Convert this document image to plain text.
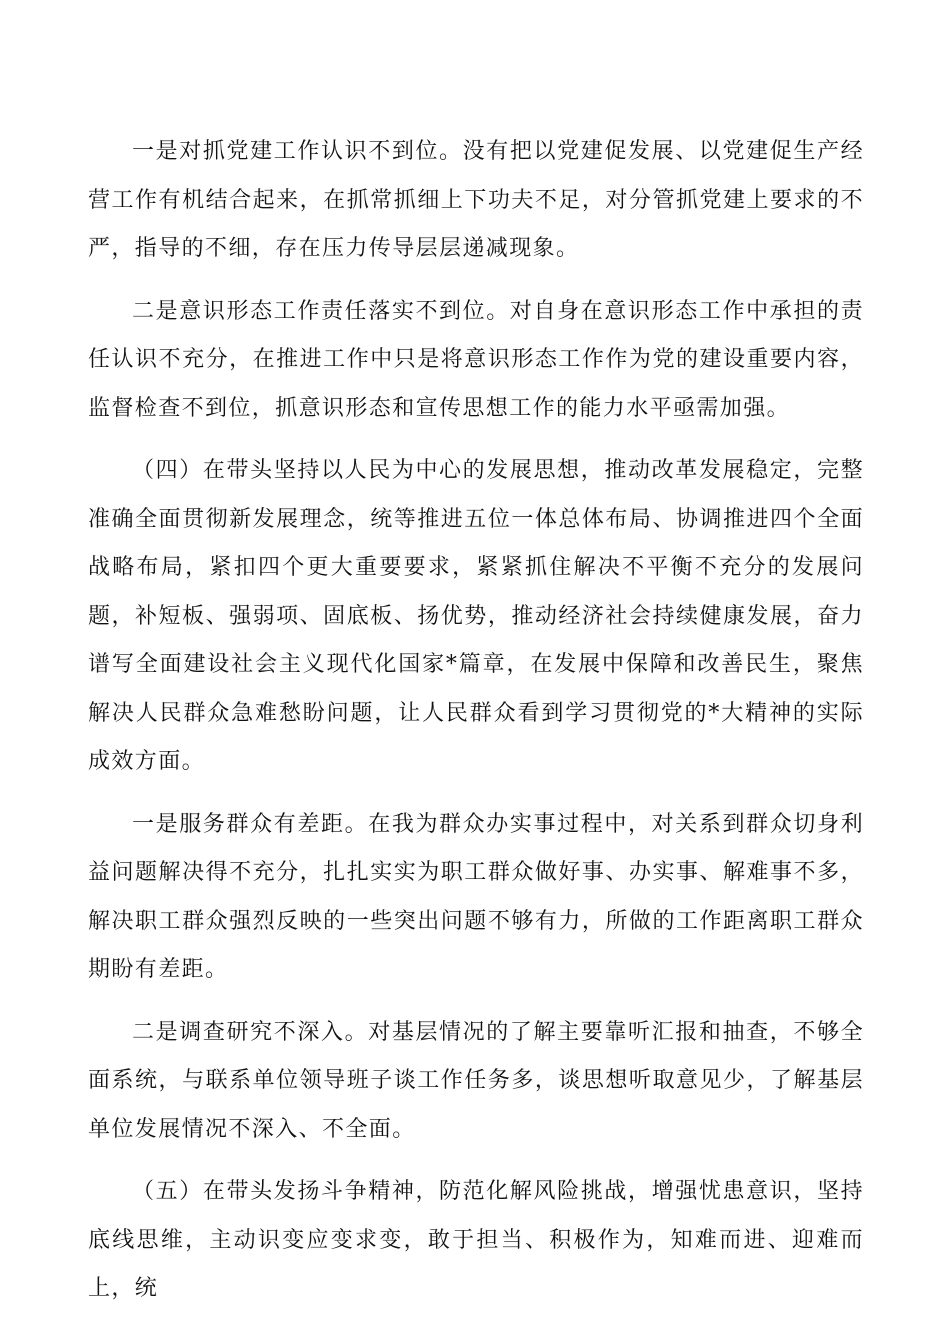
一是对抓党建工作认识不到位。没有把以党建促发展、以党建促生产经营工作有机结合起来，在抓常抓细上下功夫不足，对分管抓党建上要求的不严，指导的不细，存在压力传导层层递减现象。

二是意识形态工作责任落实不到位。对自身在意识形态工作中承担的责任认识不充分，在推进工作中只是将意识形态工作作为党的建设重要内容，监督检查不到位，抓意识形态和宣传思想工作的能力水平亟需加强。

（四）在带头坚持以人民为中心的发展思想，推动改革发展稳定，完整准确全面贯彻新发展理念，统等推进五位一体总体布局、协调推进四个全面战略布局，紧扣四个更大重要要求，紧紧抓住解决不平衡不充分的发展问题，补短板、强弱项、固底板、扬优势，推动经济社会持续健康发展，奋力谱写全面建设社会主义现代化国家*篇章，在发展中保障和改善民生，聚焦解决人民群众急难愁盼问题，让人民群众看到学习贯彻党的*大精神的实际成效方面。

一是服务群众有差距。在我为群众办实事过程中，对关系到群众切身利益问题解决得不充分，扎扎实实为职工群众做好事、办实事、解难事不多，解决职工群众强烈反映的一些突出问题不够有力，所做的工作距离职工群众期盼有差距。

二是调查研究不深入。对基层情况的了解主要靠听汇报和抽查，不够全面系统，与联系单位领导班子谈工作任务多，谈思想听取意见少，了解基层单位发展情况不深入、不全面。

（五）在带头发扬斗争精神，防范化解风险挑战，增强忧患意识，坚持底线思维，主动识变应变求变，敢于担当、积极作为，知难而进、迎难而上，统
